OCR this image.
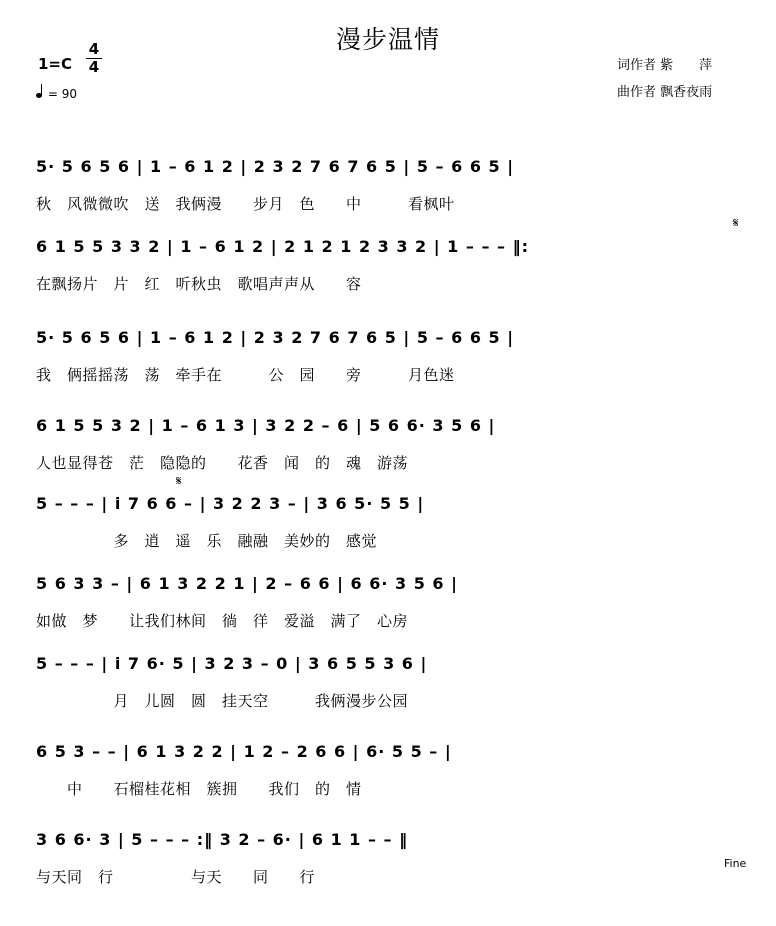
漫步温情
1=C
4
4
= 90
词作者 紫　　萍
曲作者 飘香夜雨
5· 5 6 5 6 | 1 – 6 1 2 | 2 3 2 7 6 7 6 5 | 5 – 6 6 5 |
秋　风微微吹　送　我俩漫　　步月　色　　中　　　看枫叶
6 1 5 5 3 3 2 | 1 – 6 1 2 | 2 1 2 1 2 3 3 2 | 1 – – – ‖:
在飘扬片　片　红　听秋虫　歌唱声声从　　容
𝄋
5· 5 6 5 6 | 1 – 6 1 2 | 2 3 2 7 6 7 6 5 | 5 – 6 6 5 |
我　俩摇摇荡　荡　牵手在　　　公　园　　旁　　　月色迷
6 1 5 5 3 2 | 1 – 6 1 3 | 3 2 2 – 6 | 5 6 6· 3 5 6 |
人也显得苍　茫　隐隐的　　花香　闻　的　魂　游荡
𝄋
5 – – – | i 7 6 6 – | 3 2 2 3 – | 3 6 5· 5 5 |
　　　　　多　逍　遥　乐　融融　美妙的　感觉
5 6 3 3 – | 6 1 3 2 2 1 | 2 – 6 6 | 6 6· 3 5 6 |
如做　梦　　让我们林间　徜　徉　爱溢　满了　心房
5 – – – | i 7 6· 5 | 3 2 3 – 0 | 3 6 5 5 3 6 |
　　　　　月　儿圆　圆　挂天空　　　我俩漫步公园
6 5 3 – – | 6 1 3 2 2 | 1 2 – 2 6 6 | 6· 5 5 – |
　　中　　石榴桂花相　簇拥　　我们　的　情
3 6 6· 3 | 5 – – – :‖ 3 2 – 6· | 6 1 1 – – ‖
与天同　行　　　　　与天　　同　　行
Fine
